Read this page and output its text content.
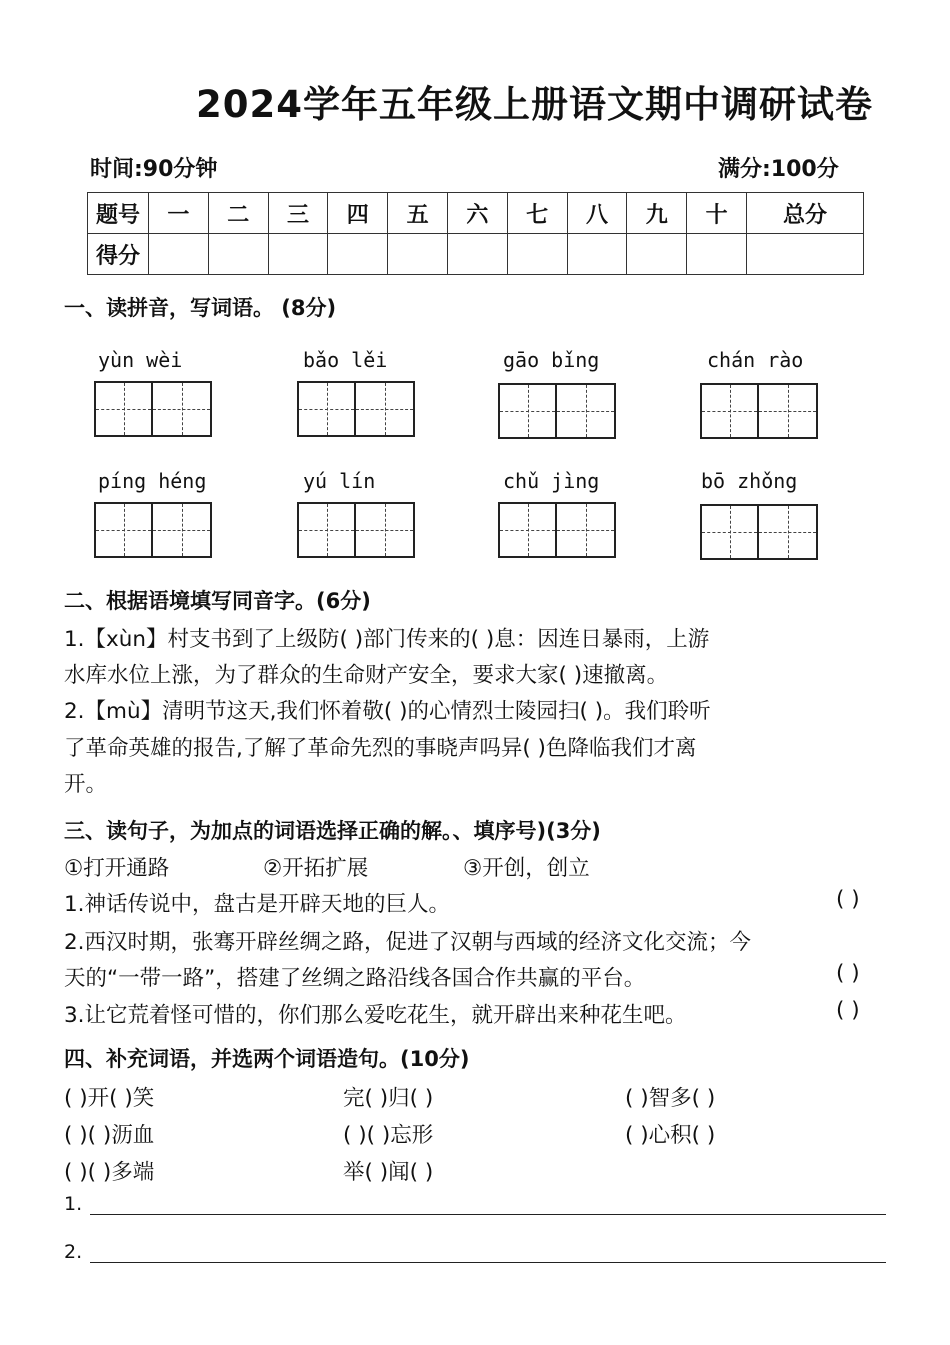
2024学年五年级上册语文期中调研试卷
时间:90分钟	满分:100分
题号	一	二	三	四	五	六	七	八	九	十	总分
得分											
一、读拼音，写词语。 (8分)
yùn wèi	bǎo lěi	gāo bǐng	chán rào
píng héng	yú lín	chǔ jìng	bō zhǒng
二、根据语境填写同音字。(6分)
1.【xùn】村支书到了上级防( )部门传来的( )息：因连日暴雨，上游
水库水位上涨，为了群众的生命财产安全，要求大家( )速撤离。
2.【mù】清明节这天,我们怀着敬( )的心情烈士陵园扫( )。我们聆听
了革命英雄的报告,了解了革命先烈的事晓声吗异( )色降临我们才离
开。
三、读句子，为加点的词语选择正确的解。、填序号)(3分)
①打开通路	②开拓扩展	③开创，创立
1.神话传说中，盘古是开辟天地的巨人。	( )
2.西汉时期，张骞开辟丝绸之路，促进了汉朝与西域的经济文化交流；今
天的“一带一路”，搭建了丝绸之路沿线各国合作共赢的平台。	( )
3.让它荒着怪可惜的，你们那么爱吃花生，就开辟出来种花生吧。	( )
四、补充词语，并选两个词语造句。(10分)
( )开( )笑	完( )归( )	( )智多( )
( )( )沥血	( )( )忘形	( )心积( )
( )( )多端	举( )闻( )
1.
2.
